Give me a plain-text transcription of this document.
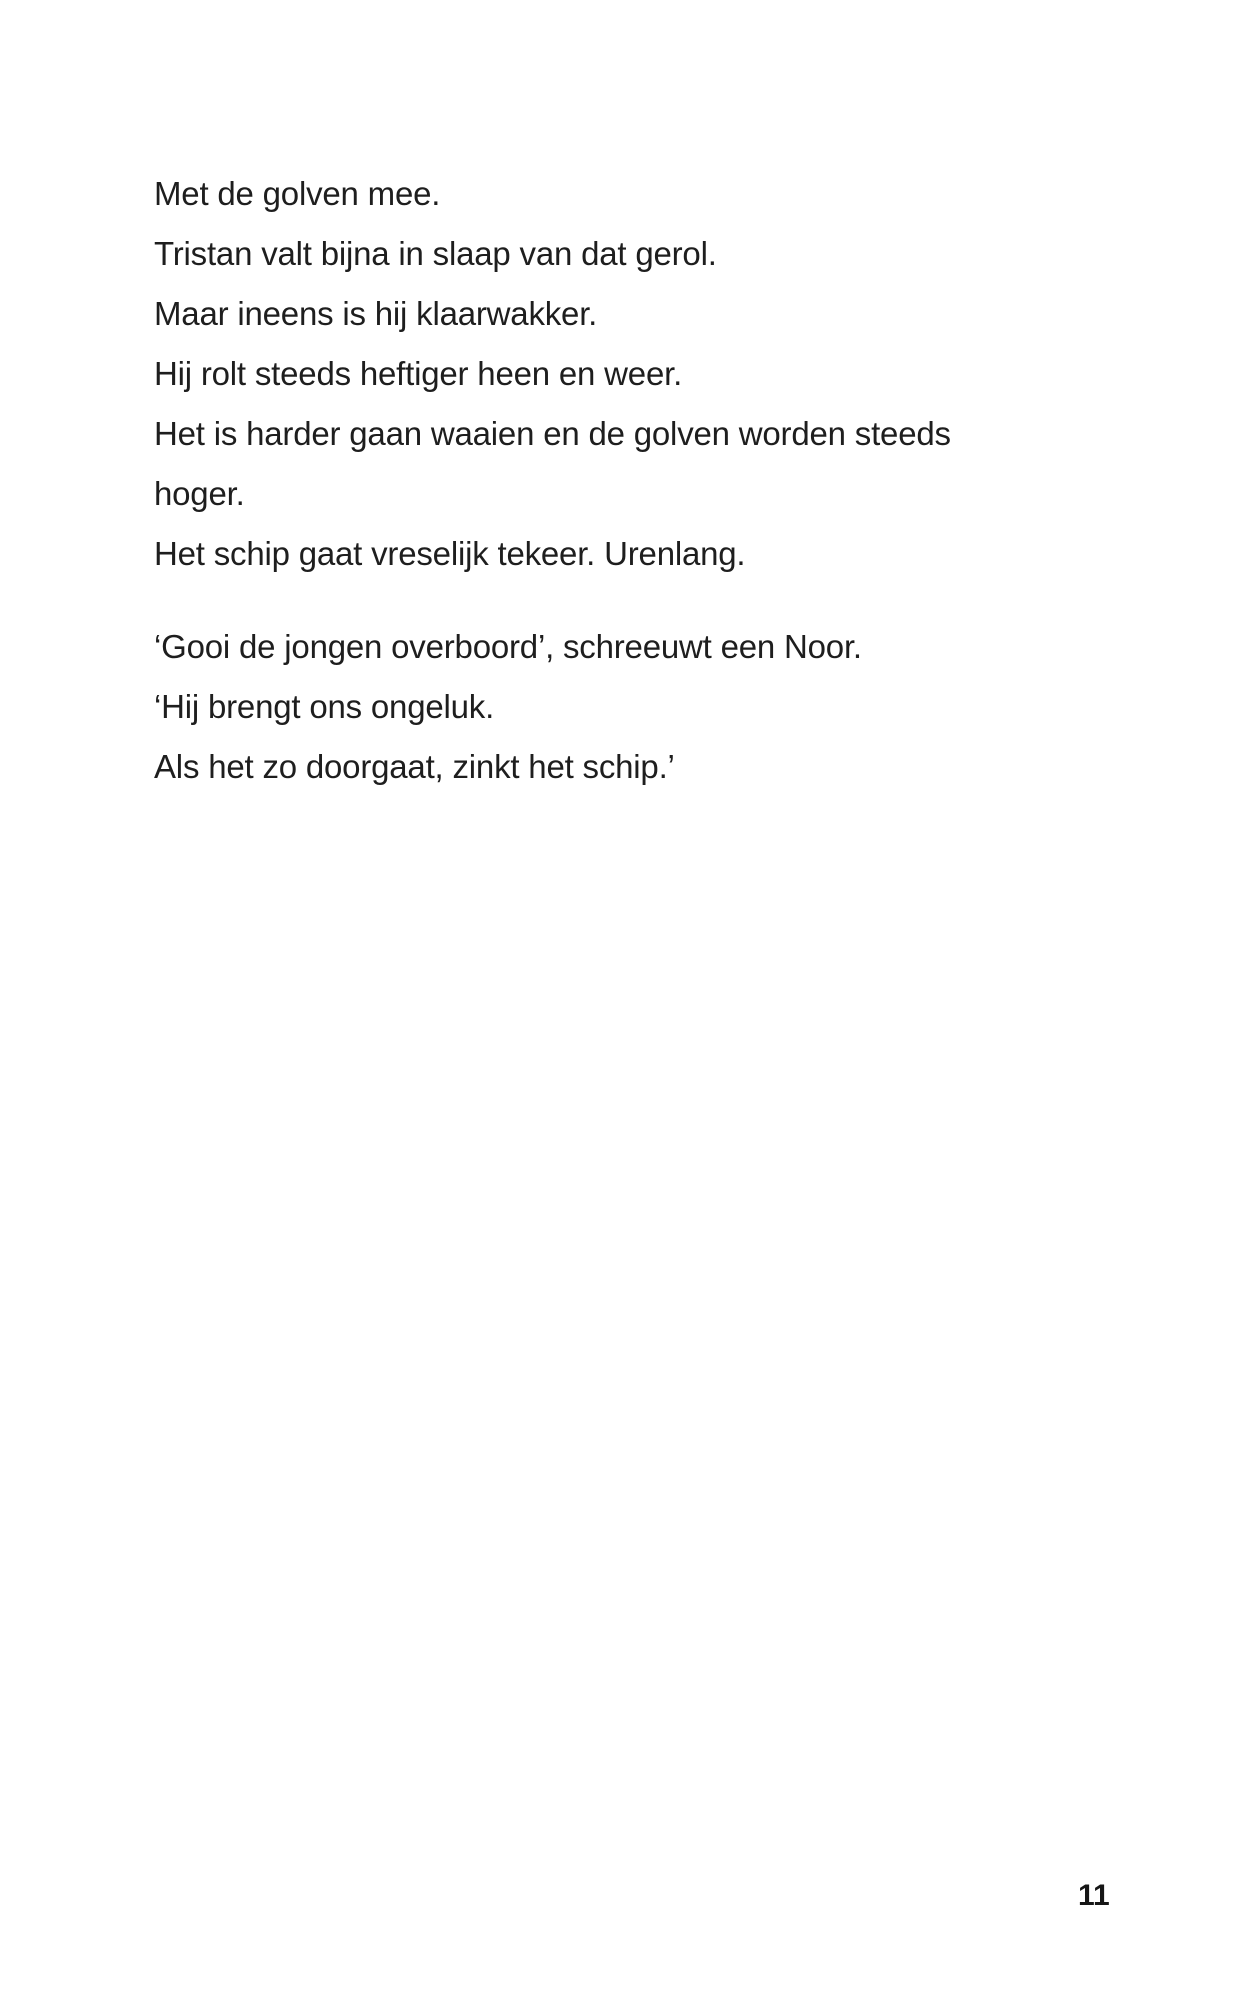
Met de golven mee.
Tristan valt bijna in slaap van dat gerol.
Maar ineens is hij klaarwakker.
Hij rolt steeds heftiger heen en weer.
Het is harder gaan waaien en de golven worden steeds
hoger.
Het schip gaat vreselijk tekeer. Urenlang.

‘Gooi de jongen overboord’, schreeuwt een Noor.
‘Hij brengt ons ongeluk.
Als het zo doorgaat, zinkt het schip.’

11
